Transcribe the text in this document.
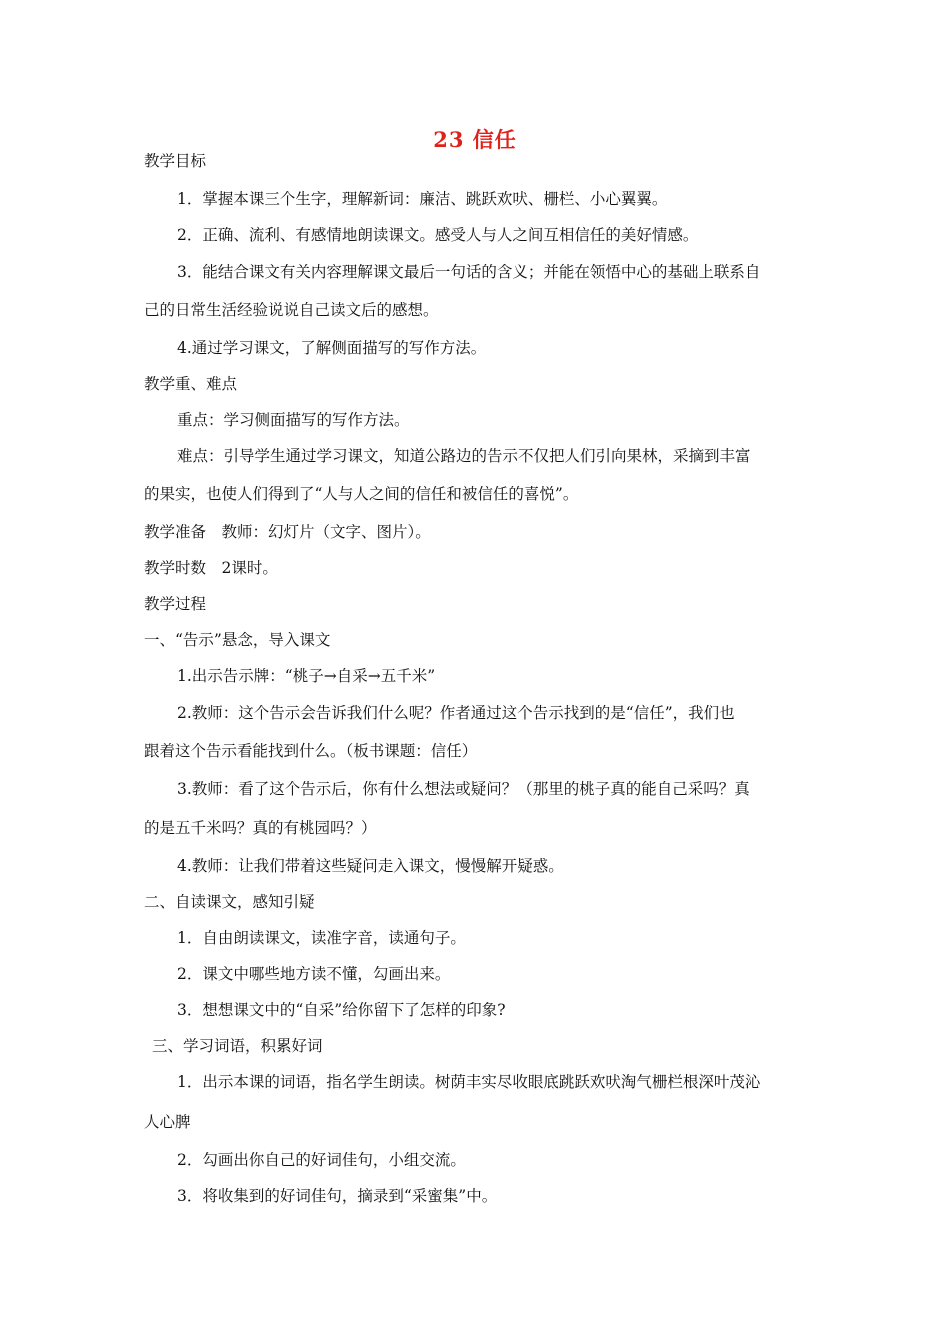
23 信任
教学目标
1．掌握本课三个生字，理解新词：廉洁、跳跃欢吠、栅栏、小心翼翼。
2．正确、流利、有感情地朗读课文。感受人与人之间互相信任的美好情感。
3．能结合课文有关内容理解课文最后一句话的含义；并能在领悟中心的基础上联系自
己的日常生活经验说说自己读文后的感想。
4.通过学习课文，了解侧面描写的写作方法。
教学重、难点
重点：学习侧面描写的写作方法。
难点：引导学生通过学习课文，知道公路边的告示不仅把人们引向果林，采摘到丰富
的果实，也使人们得到了“人与人之间的信任和被信任的喜悦”。
教学准备　教师：幻灯片（文字、图片）。
教学时数　2课时。
教学过程
一、“告示”悬念，导入课文
1.出示告示牌：“桃子→自采→五千米”
2.教师：这个告示会告诉我们什么呢？作者通过这个告示找到的是“信任”，我们也
跟着这个告示看能找到什么。（板书课题：信任）
3.教师：看了这个告示后，你有什么想法或疑问？（那里的桃子真的能自己采吗？真
的是五千米吗？真的有桃园吗？）
4.教师：让我们带着这些疑问走入课文，慢慢解开疑惑。
二、自读课文，感知引疑
1．自由朗读课文，读准字音，读通句子。
2．课文中哪些地方读不懂，勾画出来。
3．想想课文中的“自采”给你留下了怎样的印象?
三、学习词语，积累好词
1．出示本课的词语，指名学生朗读。树荫丰实尽收眼底跳跃欢吠淘气栅栏根深叶茂沁
人心脾
2．勾画出你自己的好词佳句，小组交流。
3．将收集到的好词佳句，摘录到“采蜜集”中。
